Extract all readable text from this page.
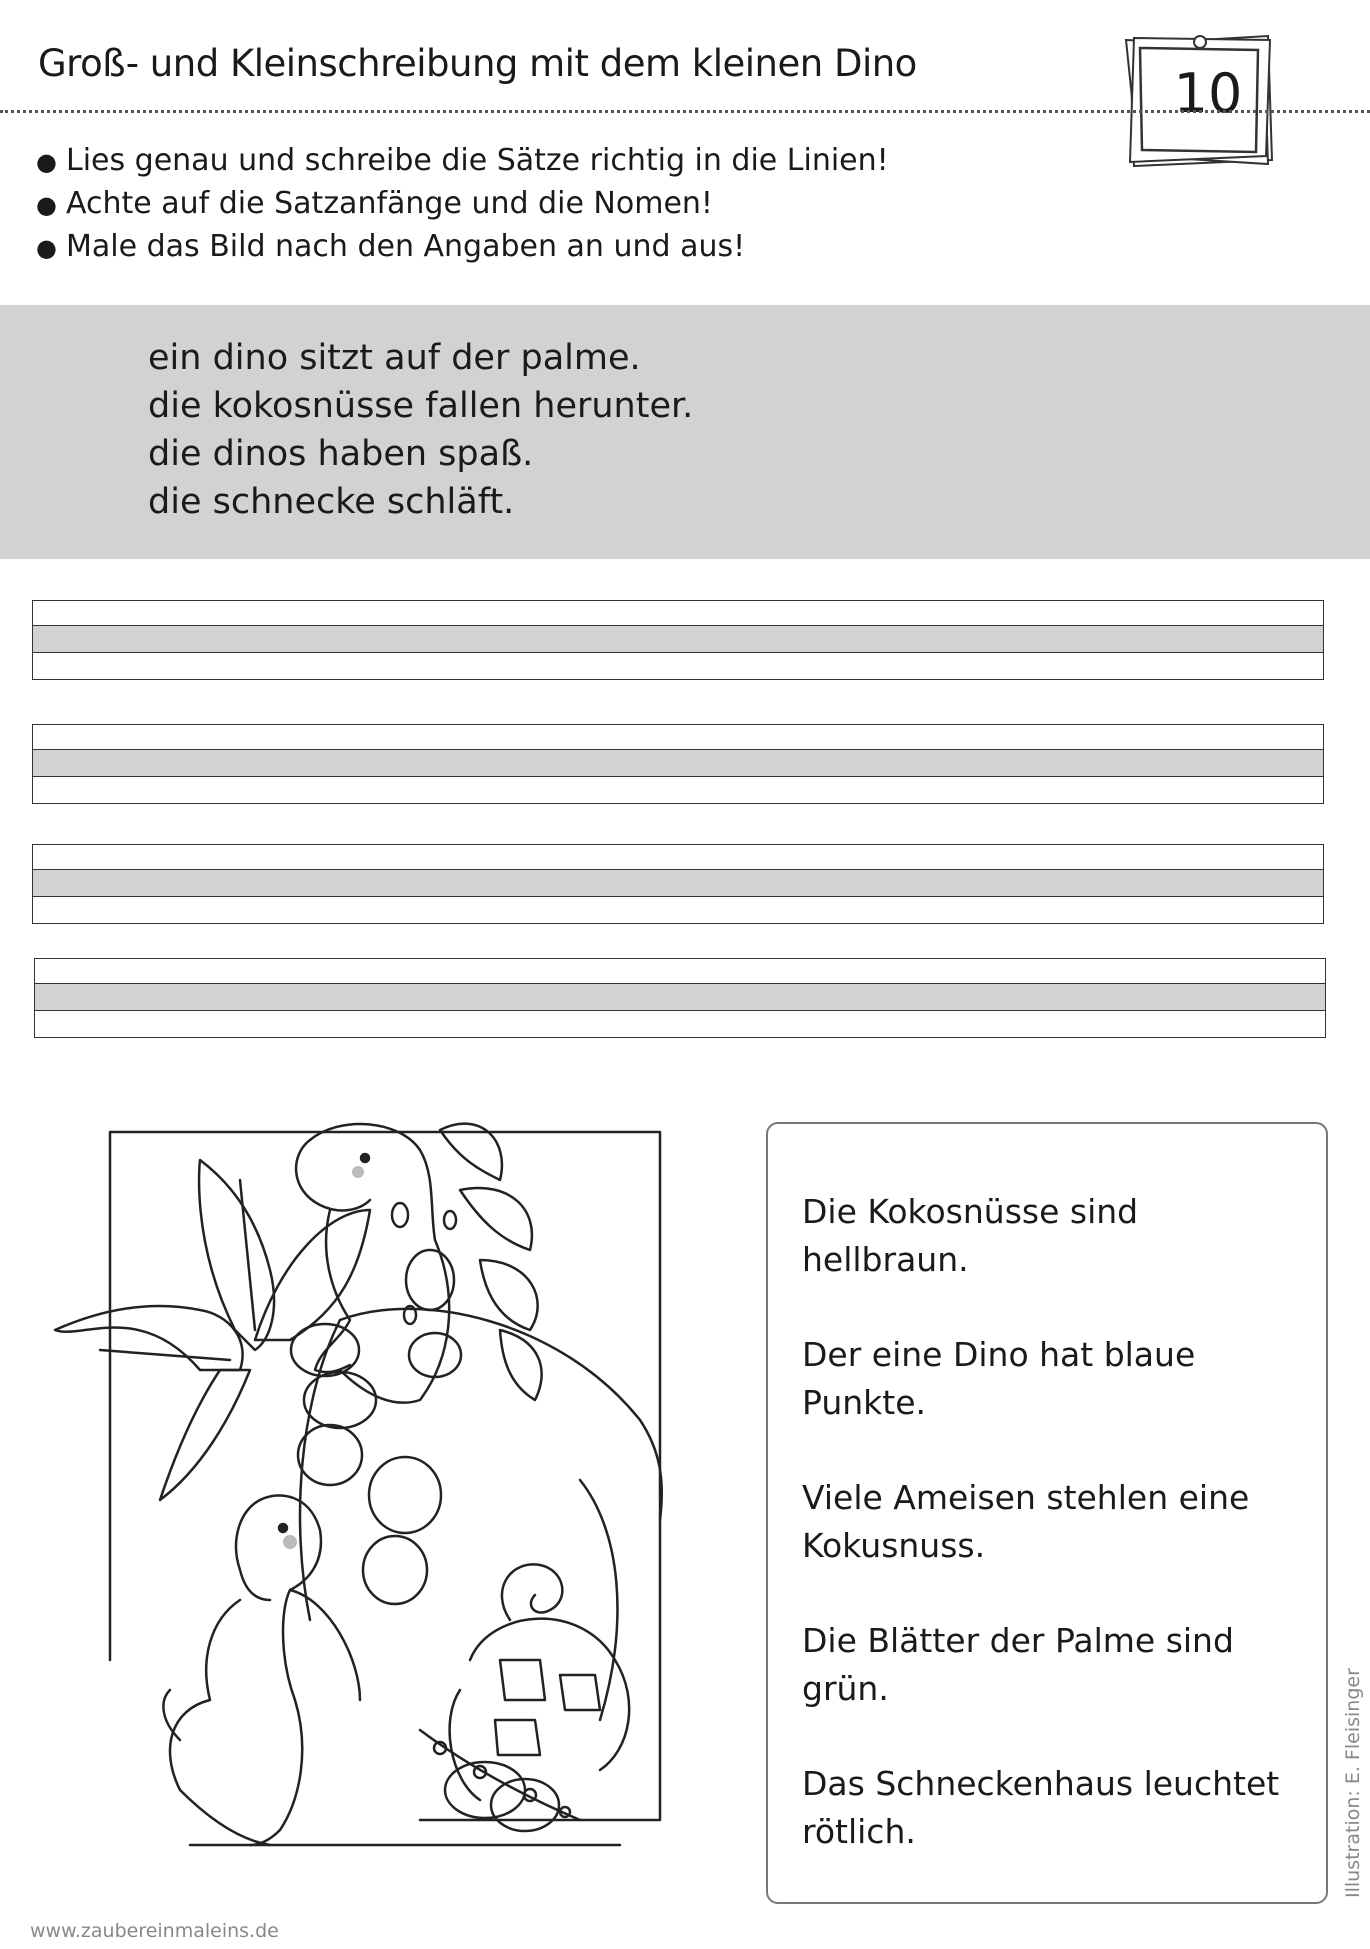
Groß- und Kleinschreibung mit dem kleinen Dino	10
● Lies genau und schreibe die Sätze richtig in die Linien!
● Achte auf die Satzanfänge und die Nomen!
● Male das Bild nach den Angaben an und aus!
ein dino sitzt auf der palme.
die kokosnüsse fallen herunter.
die dinos haben spaß.
die schnecke schläft.
Die Kokosnüsse sind hellbraun.
Der eine Dino hat blaue Punkte.
Viele Ameisen stehlen eine Kokusnuss.
Die Blätter der Palme sind grün.
Das Schneckenhaus leuchtet rötlich.	Illustration: E. Fleisinger
www.zaubereinmaleins.de
